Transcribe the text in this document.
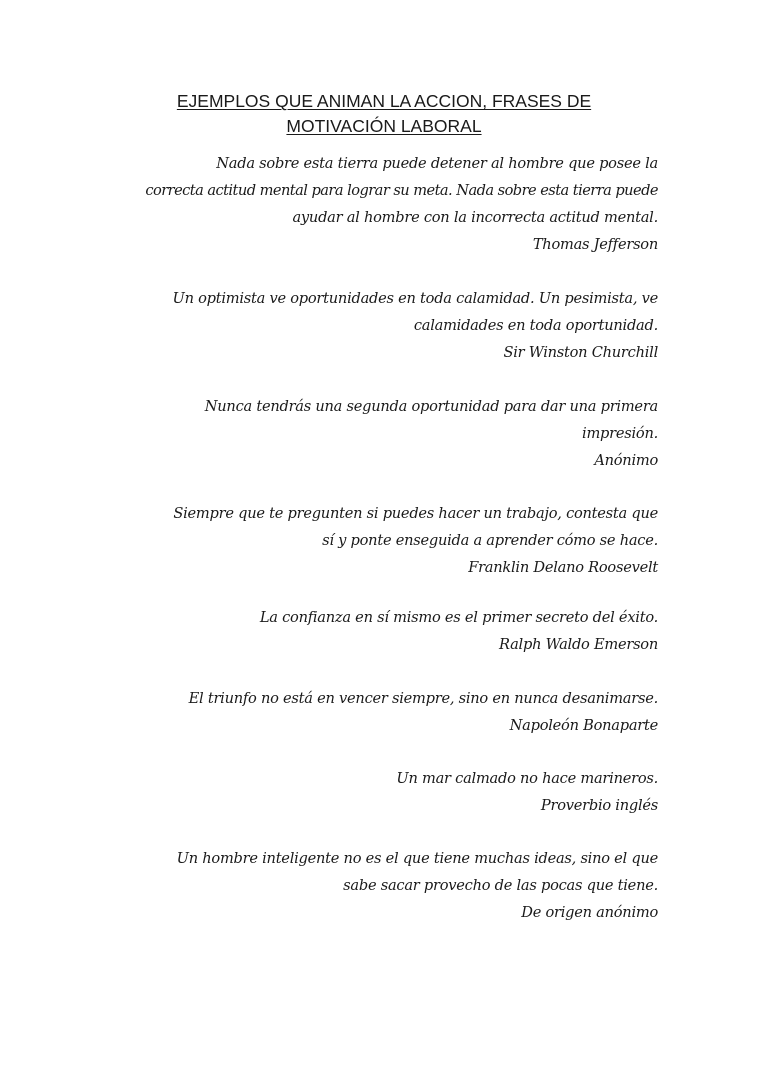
EJEMPLOS QUE ANIMAN LA ACCION, FRASES DE
MOTIVACIÓN LABORAL
Nada sobre esta tierra puede detener al hombre que posee la
correcta actitud mental para lograr su meta. Nada sobre esta tierra puede
ayudar al hombre con la incorrecta actitud mental.
Thomas Jefferson
Un optimista ve oportunidades en toda calamidad. Un pesimista, ve
calamidades en toda oportunidad.
Sir Winston Churchill
Nunca tendrás una segunda oportunidad para dar una primera
impresión.
Anónimo
Siempre que te pregunten si puedes hacer un trabajo, contesta que
sí y ponte enseguida a aprender cómo se hace.
Franklin Delano Roosevelt
La confianza en sí mismo es el primer secreto del éxito.
Ralph Waldo Emerson
El triunfo no está en vencer siempre, sino en nunca desanimarse.
Napoleón Bonaparte
Un mar calmado no hace marineros.
Proverbio inglés
Un hombre inteligente no es el que tiene muchas ideas, sino el que
sabe sacar provecho de las pocas que tiene.
De origen anónimo
